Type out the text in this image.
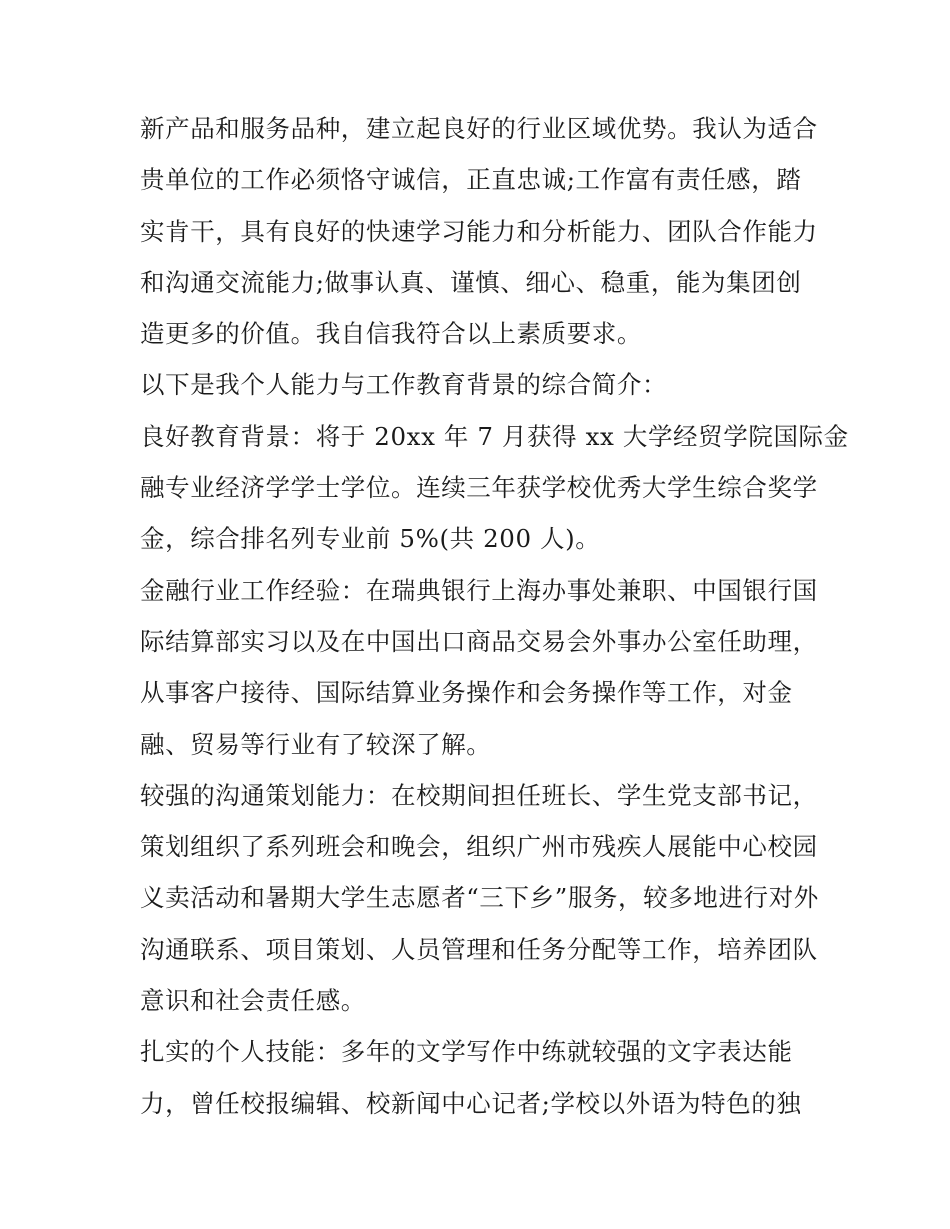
新产品和服务品种，建立起良好的行业区域优势。我认为适合
贵单位的工作必须恪守诚信，正直忠诚;工作富有责任感，踏
实肯干，具有良好的快速学习能力和分析能力、团队合作能力
和沟通交流能力;做事认真、谨慎、细心、稳重，能为集团创
造更多的价值。我自信我符合以上素质要求。
以下是我个人能力与工作教育背景的综合简介：
良好教育背景：将于 20xx 年 7 月获得 xx 大学经贸学院国际金
融专业经济学学士学位。连续三年获学校优秀大学生综合奖学
金，综合排名列专业前 5%(共 200 人)。
金融行业工作经验：在瑞典银行上海办事处兼职、中国银行国
际结算部实习以及在中国出口商品交易会外事办公室任助理，
从事客户接待、国际结算业务操作和会务操作等工作，对金
融、贸易等行业有了较深了解。
较强的沟通策划能力：在校期间担任班长、学生党支部书记，
策划组织了系列班会和晚会，组织广州市残疾人展能中心校园
义卖活动和暑期大学生志愿者“三下乡”服务，较多地进行对外
沟通联系、项目策划、人员管理和任务分配等工作，培养团队
意识和社会责任感。
扎实的个人技能：多年的文学写作中练就较强的文字表达能
力，曾任校报编辑、校新闻中心记者;学校以外语为特色的独
